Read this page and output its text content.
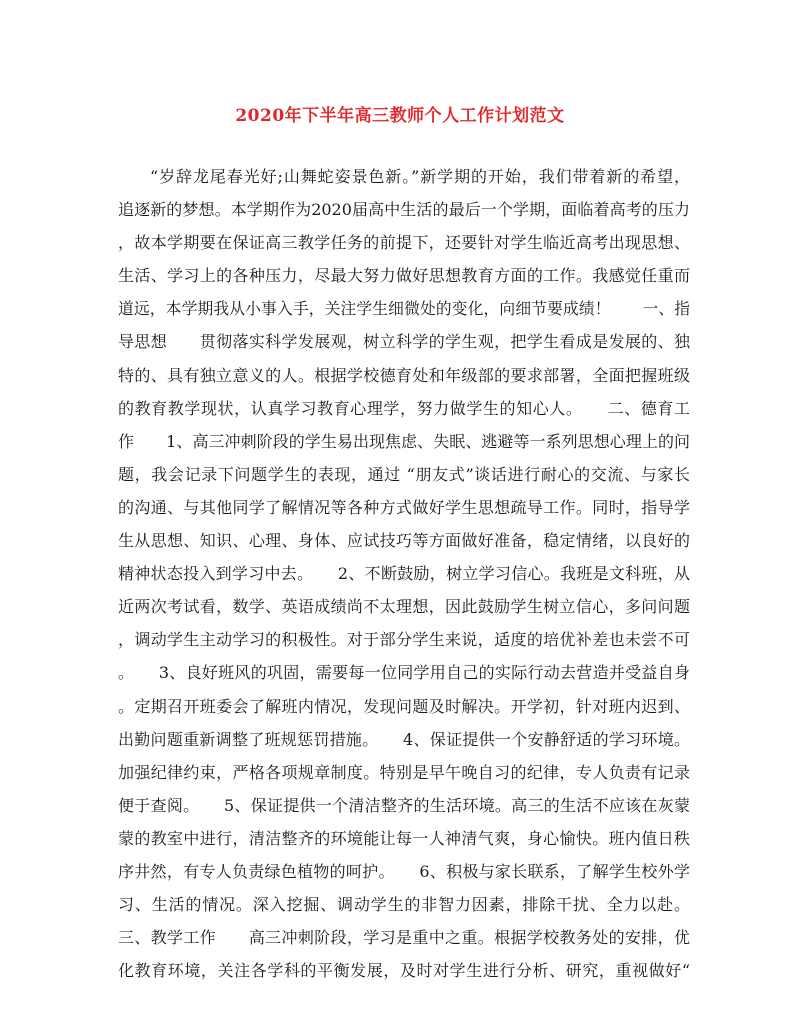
2020年下半年高三教师个人工作计划范文
“岁辞龙尾春光好;山舞蛇姿景色新。”新学期的开始，我们带着新的希望，
追逐新的梦想。本学期作为2020届高中生活的最后一个学期，面临着高考的压力
，故本学期要在保证高三教学任务的前提下，还要针对学生临近高考出现思想、
生活、学习上的各种压力，尽最大努力做好思想教育方面的工作。我感觉任重而
道远，本学期我从小事入手，关注学生细微处的变化，向细节要成绩！　　一、指
导思想　　贯彻落实科学发展观，树立科学的学生观，把学生看成是发展的、独
特的、具有独立意义的人。根据学校德育处和年级部的要求部署，全面把握班级
的教育教学现状，认真学习教育心理学，努力做学生的知心人。　　二、德育工
作　　1、高三冲刺阶段的学生易出现焦虑、失眠、逃避等一系列思想心理上的问
题，我会记录下问题学生的表现，通过 “朋友式”谈话进行耐心的交流、与家长
的沟通、与其他同学了解情况等各种方式做好学生思想疏导工作。同时，指导学
生从思想、知识、心理、身体、应试技巧等方面做好准备，稳定情绪，以良好的
精神状态投入到学习中去。　　2、不断鼓励，树立学习信心。我班是文科班，从
近两次考试看，数学、英语成绩尚不太理想，因此鼓励学生树立信心，多问问题
，调动学生主动学习的积极性。对于部分学生来说，适度的培优补差也未尝不可
。　　3、良好班风的巩固，需要每一位同学用自己的实际行动去营造并受益自身
。定期召开班委会了解班内情况，发现问题及时解决。开学初，针对班内迟到、
出勤问题重新调整了班规惩罚措施。　　4、保证提供一个安静舒适的学习环境。
加强纪律约束，严格各项规章制度。特别是早午晚自习的纪律，专人负责有记录
便于查阅。　　5、保证提供一个清洁整齐的生活环境。高三的生活不应该在灰蒙
蒙的教室中进行，清洁整齐的环境能让每一人神清气爽，身心愉快。班内值日秩
序井然，有专人负责绿色植物的呵护。　　6、积极与家长联系，了解学生校外学
习、生活的情况。深入挖掘、调动学生的非智力因素，排除干扰、全力以赴。
三、教学工作　　高三冲刺阶段，学习是重中之重。根据学校教务处的安排，优
化教育环境，关注各学科的平衡发展，及时对学生进行分析、研究，重视做好“
